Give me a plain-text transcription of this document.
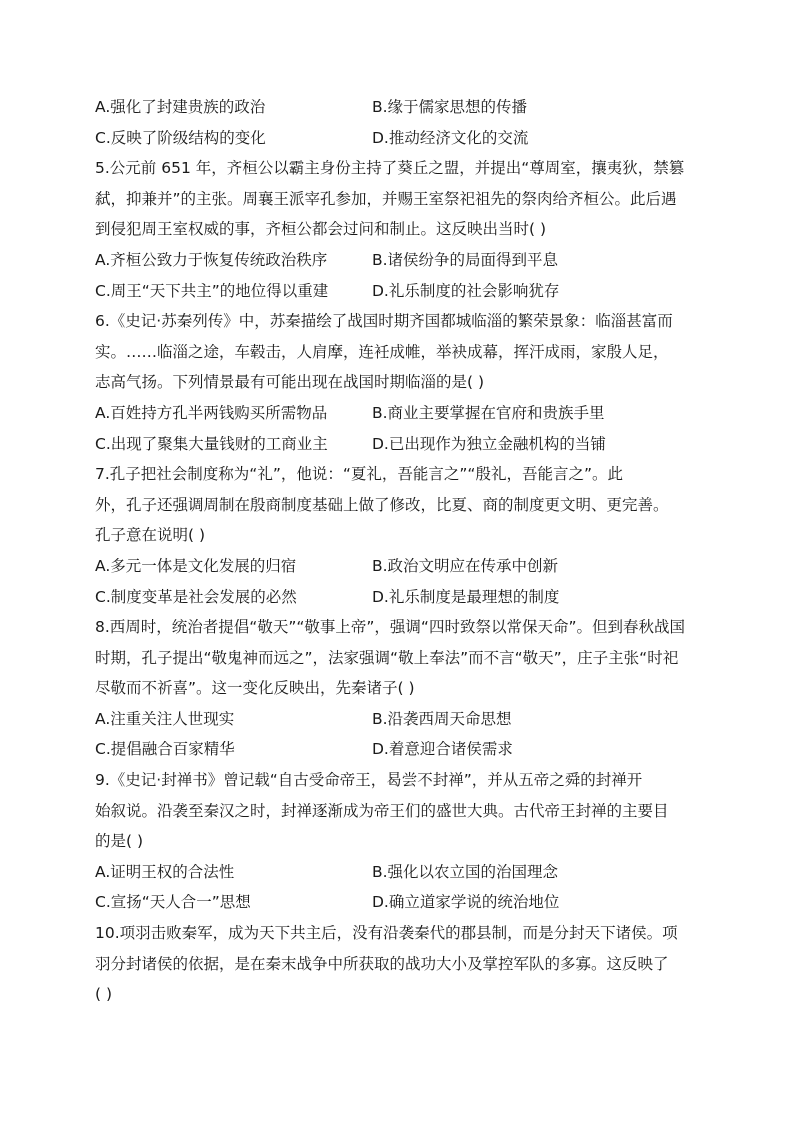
A.强化了封建贵族的政治	B.缘于儒家思想的传播
C.反映了阶级结构的变化	D.推动经济文化的交流
5.公元前 651 年，齐桓公以霸主身份主持了葵丘之盟，并提出“尊周室，攘夷狄，禁篡
弑，抑兼并”的主张。周襄王派宰孔参加，并赐王室祭祀祖先的祭肉给齐桓公。此后遇
到侵犯周王室权威的事，齐桓公都会过问和制止。这反映出当时( )
A.齐桓公致力于恢复传统政治秩序	B.诸侯纷争的局面得到平息
C.周王“天下共主”的地位得以重建	D.礼乐制度的社会影响犹存
6.《史记·苏秦列传》中，苏秦描绘了战国时期齐国都城临淄的繁荣景象：临淄甚富而
实。……临淄之途，车毂击，人肩摩，连衽成帷，举袂成幕，挥汗成雨，家殷人足，
志高气扬。下列情景最有可能出现在战国时期临淄的是( )
A.百姓持方孔半两钱购买所需物品	B.商业主要掌握在官府和贵族手里
C.出现了聚集大量钱财的工商业主	D.已出现作为独立金融机构的当铺
7.孔子把社会制度称为“礼”，他说：“夏礼，吾能言之”“殷礼，吾能言之”。此
外，孔子还强调周制在殷商制度基础上做了修改，比夏、商的制度更文明、更完善。
孔子意在说明( )
A.多元一体是文化发展的归宿	B.政治文明应在传承中创新
C.制度变革是社会发展的必然	D.礼乐制度是最理想的制度
8.西周时，统治者提倡“敬天”“敬事上帝”，强调“四时致祭以常保天命”。但到春秋战国
时期，孔子提出“敬鬼神而远之”，法家强调“敬上奉法”而不言“敬天”，庄子主张“时祀
尽敬而不祈喜”。这一变化反映出，先秦诸子( )
A.注重关注人世现实	B.沿袭西周天命思想
C.提倡融合百家精华	D.着意迎合诸侯需求
9.《史记·封禅书》曾记载“自古受命帝王，曷尝不封禅”，并从五帝之舜的封禅开
始叙说。沿袭至秦汉之时，封禅逐渐成为帝王们的盛世大典。古代帝王封禅的主要目
的是( )
A.证明王权的合法性	B.强化以农立国的治国理念
C.宣扬“天人合一”思想	D.确立道家学说的统治地位
10.项羽击败秦军，成为天下共主后，没有沿袭秦代的郡县制，而是分封天下诸侯。项
羽分封诸侯的依据，是在秦末战争中所获取的战功大小及掌控军队的多寡。这反映了
( )
